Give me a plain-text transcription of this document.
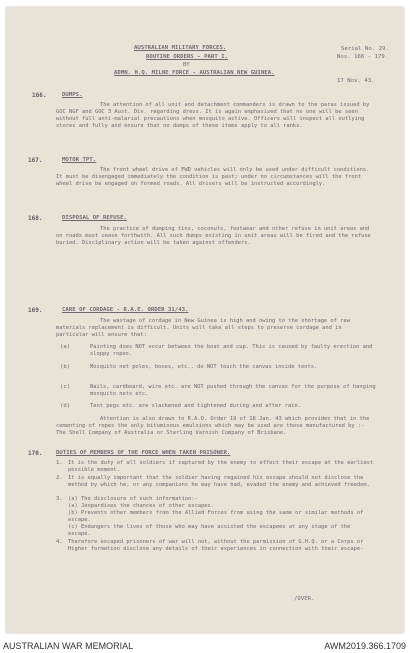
AUSTRALIAN MILITARY FORCES.	Serial No. 29.
ROUTINE ORDERS - PART I.	Nos. 166 - 179.
BY
ADMN. H.Q. MILNE FORCE - AUSTRALIAN NEW GUINEA.
17 Nov. 43.
166.	DUMPS.
The attention of all unit and detachment commanders is drawn to the paras issued by GOC NGF and GOC 3 Aust. Div. regarding dress. It is again emphasized that no one will be seen without full anti-malarial precautions when mosquito active. Officers will inspect all outlying stores and fully and ensure that no dumps of these items apply to all ranks.
167.	MOTOR TPT.
The front wheel drive of FWD vehicles will only be used under difficult conditions. It must be disengaged immediately the condition is past; under no circumstances will the front wheel drive be engaged on formed roads. All drivers will be instructed accordingly.
168.	DISPOSAL OF REFUSE.
The practice of dumping tins, coconuts, footwear and other refuse in unit areas and on roads must cease forthwith. All such dumps existing in unit areas will be fired and the refuse buried. Disciplinary action will be taken against offenders.
169.	CARE OF CORDAGE - R.A.E. ORDER 31/43.
The wastage of cordage in New Guinea is high and owing to the shortage of raw materials replacement is difficult. Units will take all steps to preserve cordage and in particular will ensure that:
(a)	Painting does NOT occur between the boat and cup. This is caused by faulty erection and sloppy ropes.
(b)	Mosquito net poles, boxes, etc., do NOT touch the canvas inside tents.
(c)	Nails, cardboard, wire etc. are NOT pushed through the canvas for the purpose of hanging mosquito nets etc.
(d)	Tent pegs etc. are slackened and tightened during and after rain.
Attention is also drawn to R.A.O. Order 19 of 18 Jan. 43 which provides that in the cementing of ropes the only bituminous emulsions which may be used are those manufactured by :- The Shell Company of Australia or Sterling Varnish Company of Brisbane.
170. DUTIES OF MEMBERS OF THE FORCE WHEN TAKEN PRISONER.
1. It is the duty of all soldiers if captured by the enemy to effect their escape at the earliest possible moment.
2. It is equally important that the soldier having regained his escape should not disclose the method by which he, or any companions he may have had, evaded the enemy and achieved freedom.
3. (a) The disclosure of such information:-
(a) Jeopardises the chances of other escapes.
(b) Prevents other members from the Allied Forces from using the same or similar methods of escape.
(c) Endangers the lives of those who may have assisted the escapees at any stage of the escape.
4. Therefore escaped prisoners of war will not, without the permission of G.H.Q. or a Corps or Higher formation disclose any details of their experiences in connection with their escape-
/OVER.
AUSTRALIAN WAR MEMORIAL	AWM2019.366.1709
